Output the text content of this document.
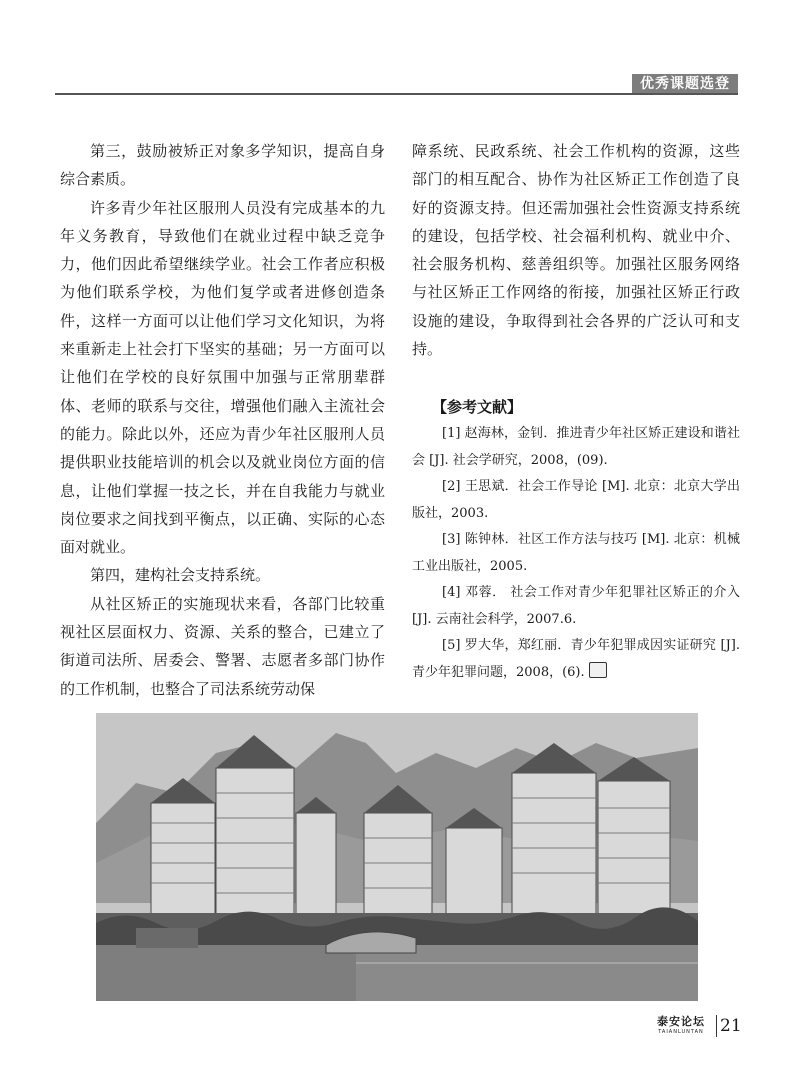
优秀课题选登

第三，鼓励被矫正对象多学知识，提高自身综合素质。

许多青少年社区服刑人员没有完成基本的九年义务教育，导致他们在就业过程中缺乏竞争力，他们因此希望继续学业。社会工作者应积极为他们联系学校，为他们复学或者进修创造条件，这样一方面可以让他们学习文化知识，为将来重新走上社会打下坚实的基础；另一方面可以让他们在学校的良好氛围中加强与正常朋辈群体、老师的联系与交往，增强他们融入主流社会的能力。除此以外，还应为青少年社区服刑人员提供职业技能培训的机会以及就业岗位方面的信息，让他们掌握一技之长，并在自我能力与就业岗位要求之间找到平衡点，以正确、实际的心态面对就业。

第四，建构社会支持系统。

从社区矫正的实施现状来看，各部门比较重视社区层面权力、资源、关系的整合，已建立了街道司法所、居委会、警署、志愿者多部门协作的工作机制，也整合了司法系统劳动保

障系统、民政系统、社会工作机构的资源，这些部门的相互配合、协作为社区矫正工作创造了良好的资源支持。但还需加强社会性资源支持系统的建设，包括学校、社会福利机构、就业中介、社会服务机构、慈善组织等。加强社区服务网络与社区矫正工作网络的衔接，加强社区矫正行政设施的建设，争取得到社会各界的广泛认可和支持。

【参考文献】

[1] 赵海林，金钊．推进青少年社区矫正建设和谐社会 [J]. 社会学研究，2008，(09).

[2] 王思斌．社会工作导论 [M]. 北京：北京大学出版社，2003.

[3] 陈钟林．社区工作方法与技巧 [M]. 北京：机械工业出版社，2005.

[4] 邓蓉． 社会工作对青少年犯罪社区矫正的介入 [J]. 云南社会科学，2007.6.

[5] 罗大华，郑红丽．青少年犯罪成因实证研究 [J]. 青少年犯罪问题，2008，(6).

泰安论坛
TAIANLUNTAN 21
